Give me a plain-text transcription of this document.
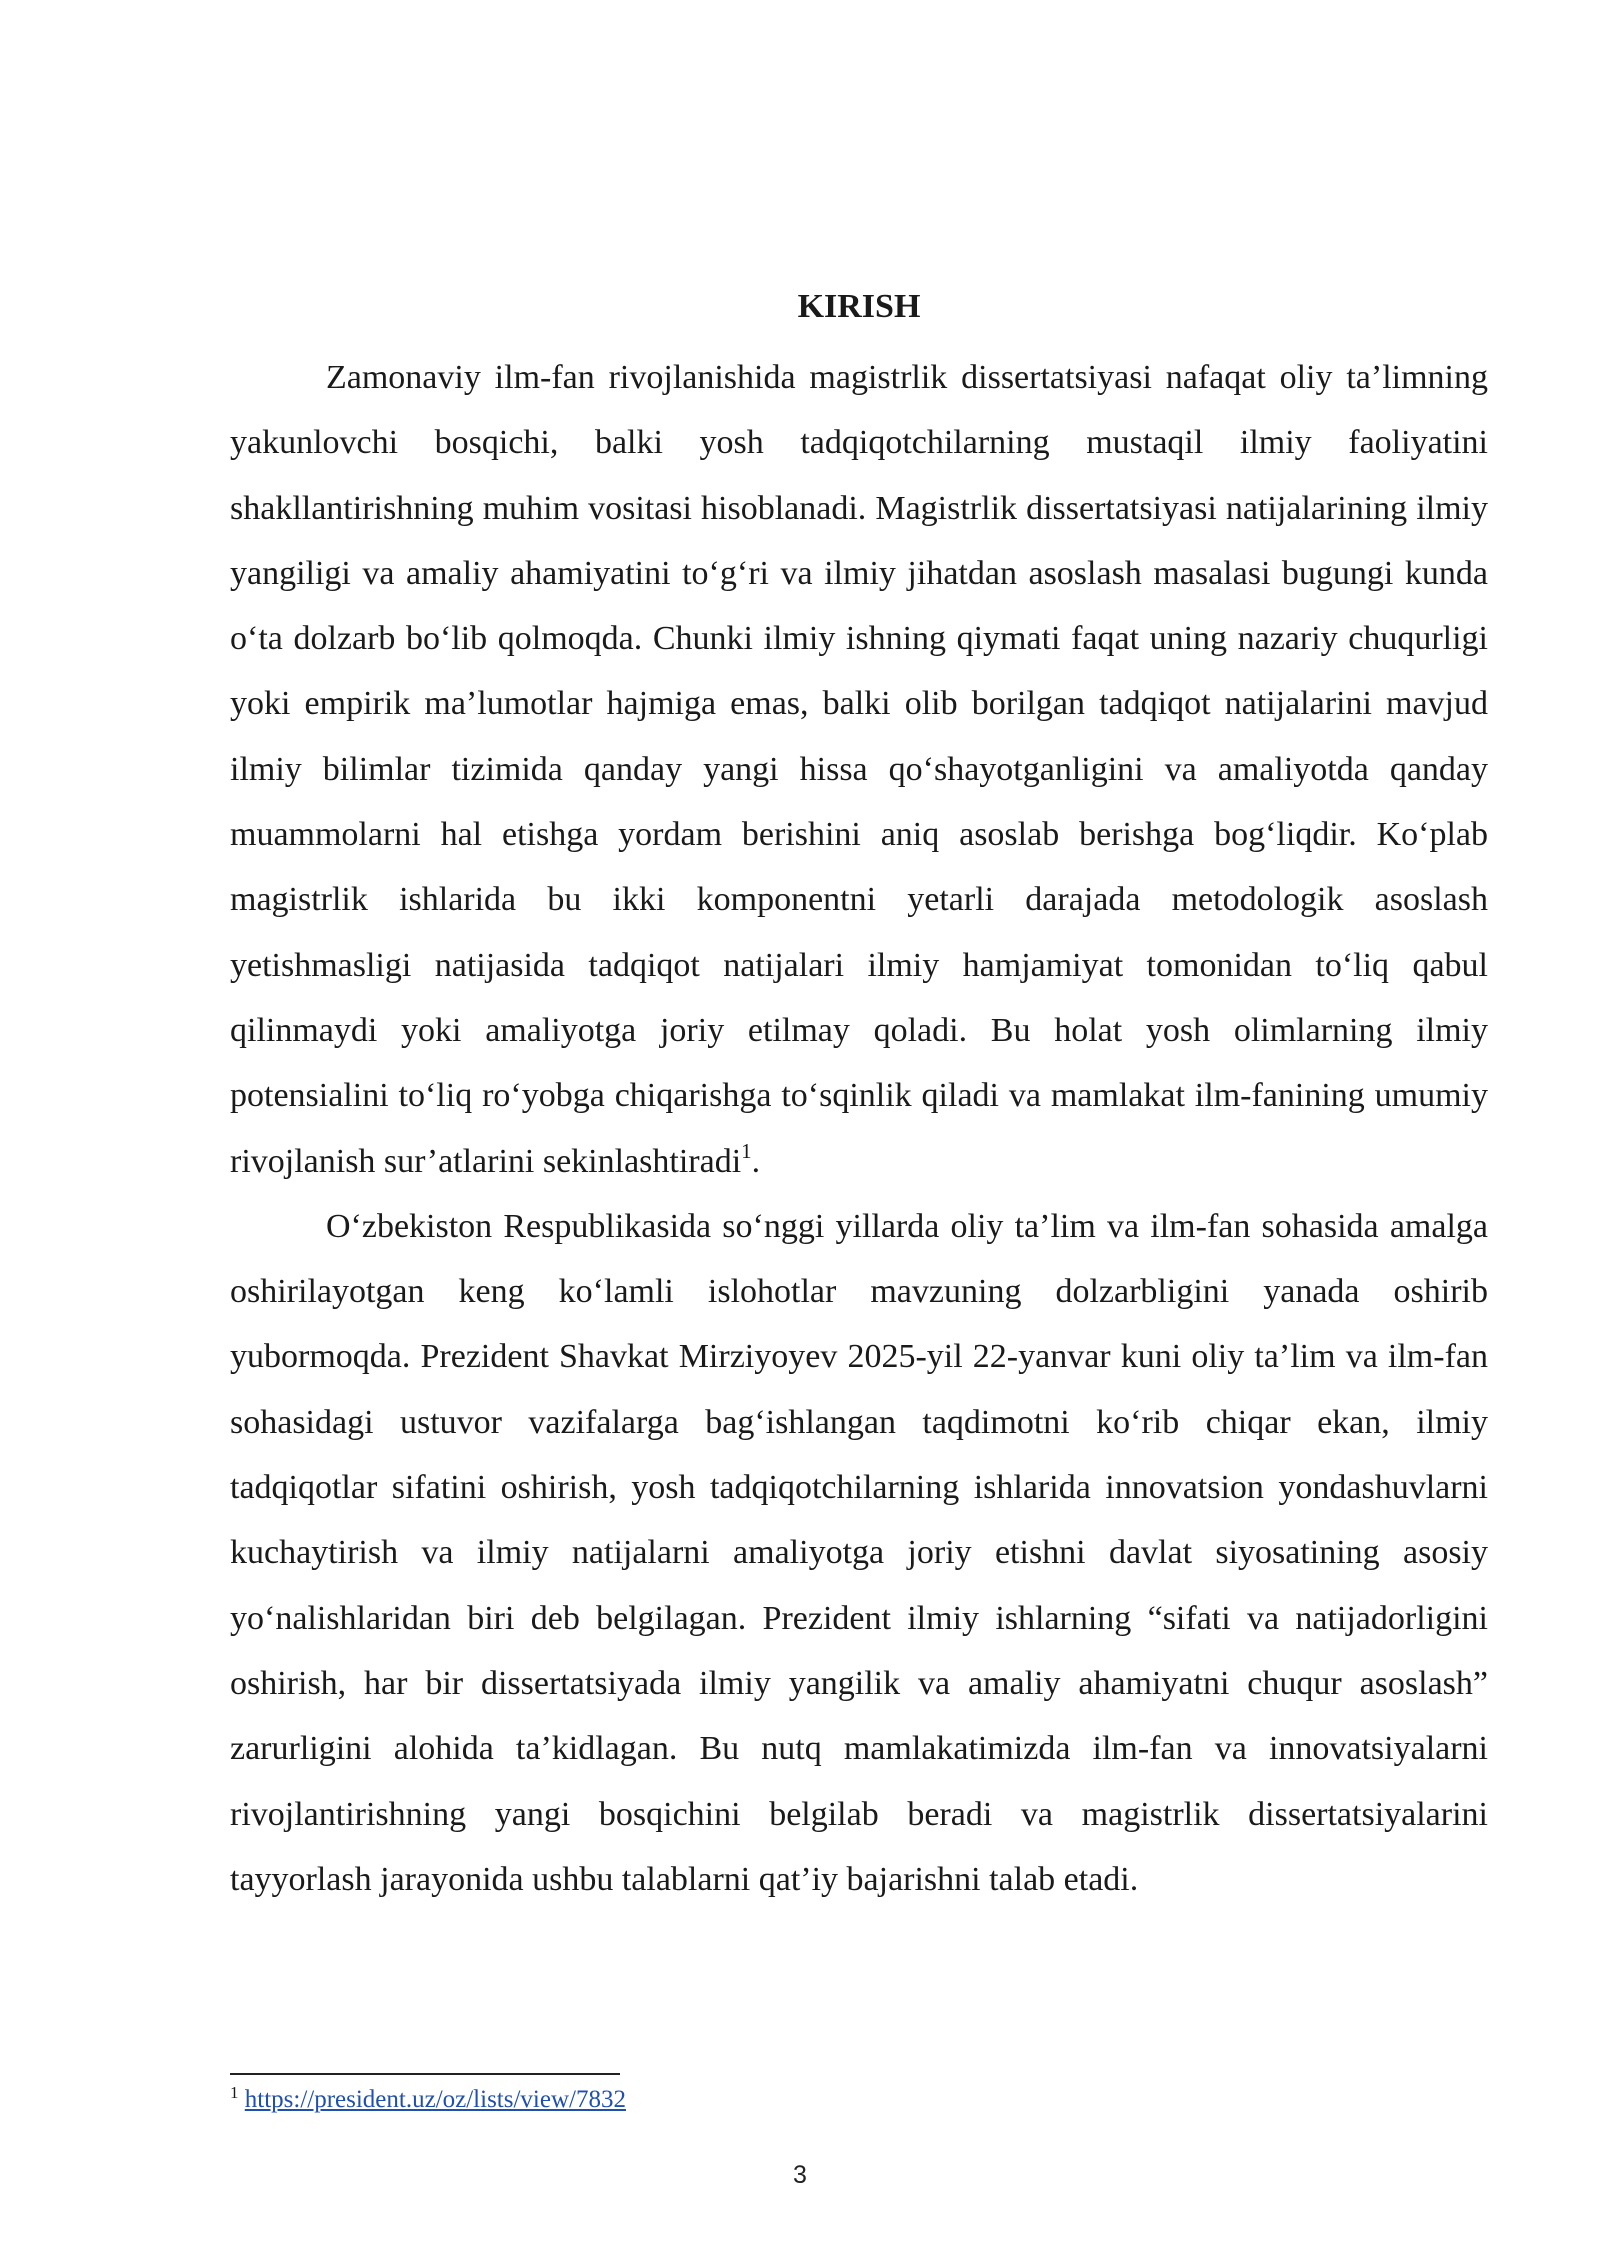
KIRISH

Zamonaviy ilm-fan rivojlanishida magistrlik dissertatsiyasi nafaqat oliy ta’limning yakunlovchi bosqichi, balki yosh tadqiqotchilarning mustaqil ilmiy faoliyatini shakllantirishning muhim vositasi hisoblanadi. Magistrlik dissertatsiyasi natijalarining ilmiy yangiligi va amaliy ahamiyatini to‘g‘ri va ilmiy jihatdan asoslash masalasi bugungi kunda o‘ta dolzarb bo‘lib qolmoqda. Chunki ilmiy ishning qiymati faqat uning nazariy chuqurligi yoki empirik ma’lumotlar hajmiga emas, balki olib borilgan tadqiqot natijalarini mavjud ilmiy bilimlar tizimida qanday yangi hissa qo‘shayotganligini va amaliyotda qanday muammolarni hal etishga yordam berishini aniq asoslab berishga bog‘liqdir. Ko‘plab magistrlik ishlarida bu ikki komponentni yetarli darajada metodologik asoslash yetishmasligi natijasida tadqiqot natijalari ilmiy hamjamiyat tomonidan to‘liq qabul qilinmaydi yoki amaliyotga joriy etilmay qoladi. Bu holat yosh olimlarning ilmiy potensialini to‘liq ro‘yobga chiqarishga to‘sqinlik qiladi va mamlakat ilm-fanining umumiy rivojlanish sur’atlarini sekinlashtiradi$^1$.

O‘zbekiston Respublikasida so‘nggi yillarda oliy ta’lim va ilm-fan sohasida amalga oshirilayotgan keng ko‘lamli islohotlar mavzuning dolzarbligini yanada oshirib yubormoqda. Prezident Shavkat Mirziyoyev 2025-yil 22-yanvar kuni oliy ta’lim va ilm-fan sohasidagi ustuvor vazifalarga bag‘ishlangan taqdimotni ko‘rib chiqar ekan, ilmiy tadqiqotlar sifatini oshirish, yosh tadqiqotchilarning ishlarida innovatsion yondashuvlarni kuchaytirish va ilmiy natijalarni amaliyotga joriy etishni davlat siyosatining asosiy yo‘nalishlaridan biri deb belgilagan. Prezident ilmiy ishlarning “sifati va natijadorligini oshirish, har bir dissertatsiyada ilmiy yangilik va amaliy ahamiyatni chuqur asoslash” zarurligini alohida ta’kidlagan. Bu nutq mamlakatimizda ilm-fan va innovatsiyalarni rivojlantirishning yangi bosqichini belgilab beradi va magistrlik dissertatsiyalarini tayyorlash jarayonida ushbu talablarni qat’iy bajarishni talab etadi.

$^1$ https://president.uz/oz/lists/view/7832
3
